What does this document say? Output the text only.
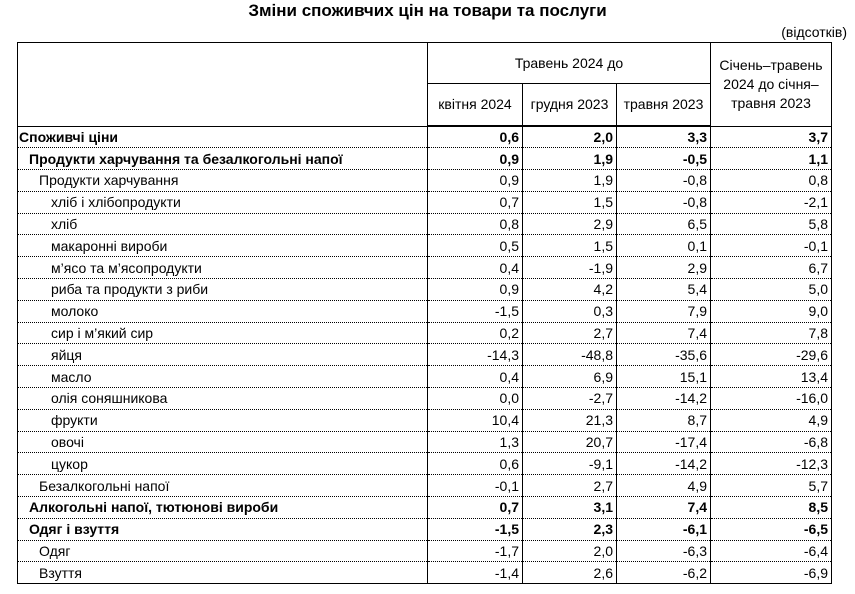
Зміни споживчих цін на товари та послуги
(відсотків)
	Травень 2024 до			Січень–травень 2024 до січня–травня 2023
	квітня 2024	грудня 2023	травня 2023	
Споживчі ціни	0,6	2,0	3,3	3,7
Продукти харчування та безалкогольні напої	0,9	1,9	-0,5	1,1
Продукти харчування	0,9	1,9	-0,8	0,8
хліб і хлібопродукти	0,7	1,5	-0,8	-2,1
хліб	0,8	2,9	6,5	5,8
макаронні вироби	0,5	1,5	0,1	-0,1
м’ясо та м’ясопродукти	0,4	-1,9	2,9	6,7
риба та продукти з риби	0,9	4,2	5,4	5,0
молоко	-1,5	0,3	7,9	9,0
сир і м’який сир	0,2	2,7	7,4	7,8
яйця	-14,3	-48,8	-35,6	-29,6
масло	0,4	6,9	15,1	13,4
олія соняшникова	0,0	-2,7	-14,2	-16,0
фрукти	10,4	21,3	8,7	4,9
овочі	1,3	20,7	-17,4	-6,8
цукор	0,6	-9,1	-14,2	-12,3
Безалкогольні напої	-0,1	2,7	4,9	5,7
Алкогольні напої, тютюнові вироби	0,7	3,1	7,4	8,5
Одяг і взуття	-1,5	2,3	-6,1	-6,5
Одяг	-1,7	2,0	-6,3	-6,4
Взуття	-1,4	2,6	-6,2	-6,9
